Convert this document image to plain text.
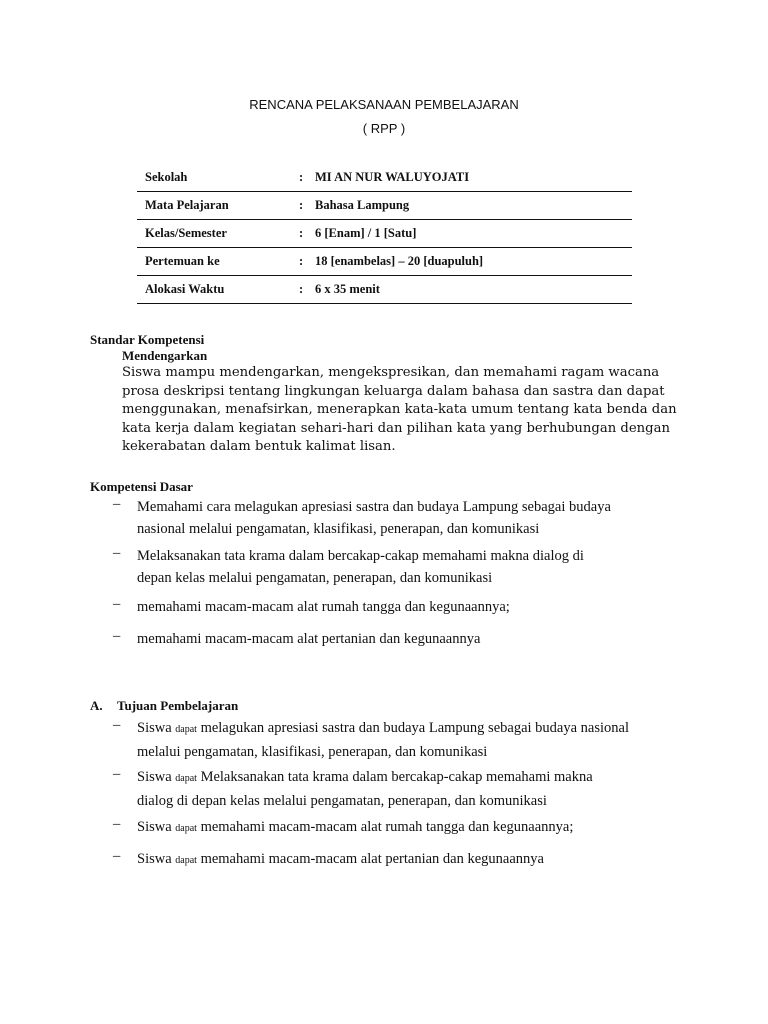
RENCANA PELAKSANAAN PEMBELAJARAN
( RPP )
Sekolah	: MI AN NUR WALUYOJATI
Mata Pelajaran	: Bahasa Lampung
Kelas/Semester	: 6 [Enam] / 1 [Satu]
Pertemuan ke	: 18 [enambelas] – 20 [duapuluh]
Alokasi Waktu	: 6 x 35 menit
Standar Kompetensi
Mendengarkan
Siswa mampu mendengarkan, mengekspresikan, dan memahami ragam wacana
prosa deskripsi tentang lingkungan keluarga dalam bahasa dan sastra dan dapat
menggunakan, menafsirkan, menerapkan kata-kata umum tentang kata benda dan
kata kerja dalam kegiatan sehari-hari dan pilihan kata yang berhubungan dengan
kekerabatan dalam bentuk kalimat lisan.
Kompetensi Dasar
– Memahami cara melagukan apresiasi sastra dan budaya Lampung sebagai budaya
nasional melalui pengamatan, klasifikasi, penerapan, dan komunikasi
– Melaksanakan tata krama dalam bercakap-cakap memahami makna dialog di
depan kelas melalui pengamatan, penerapan, dan komunikasi
– memahami macam-macam alat rumah tangga dan kegunaannya;
– memahami macam-macam alat pertanian dan kegunaannya
A. Tujuan Pembelajaran
– Siswa dapat melagukan apresiasi sastra dan budaya Lampung sebagai budaya nasional
melalui pengamatan, klasifikasi, penerapan, dan komunikasi
– Siswa dapat Melaksanakan tata krama dalam bercakap-cakap memahami makna
dialog di depan kelas melalui pengamatan, penerapan, dan komunikasi
– Siswa dapat memahami macam-macam alat rumah tangga dan kegunaannya;
– Siswa dapat memahami macam-macam alat pertanian dan kegunaannya
